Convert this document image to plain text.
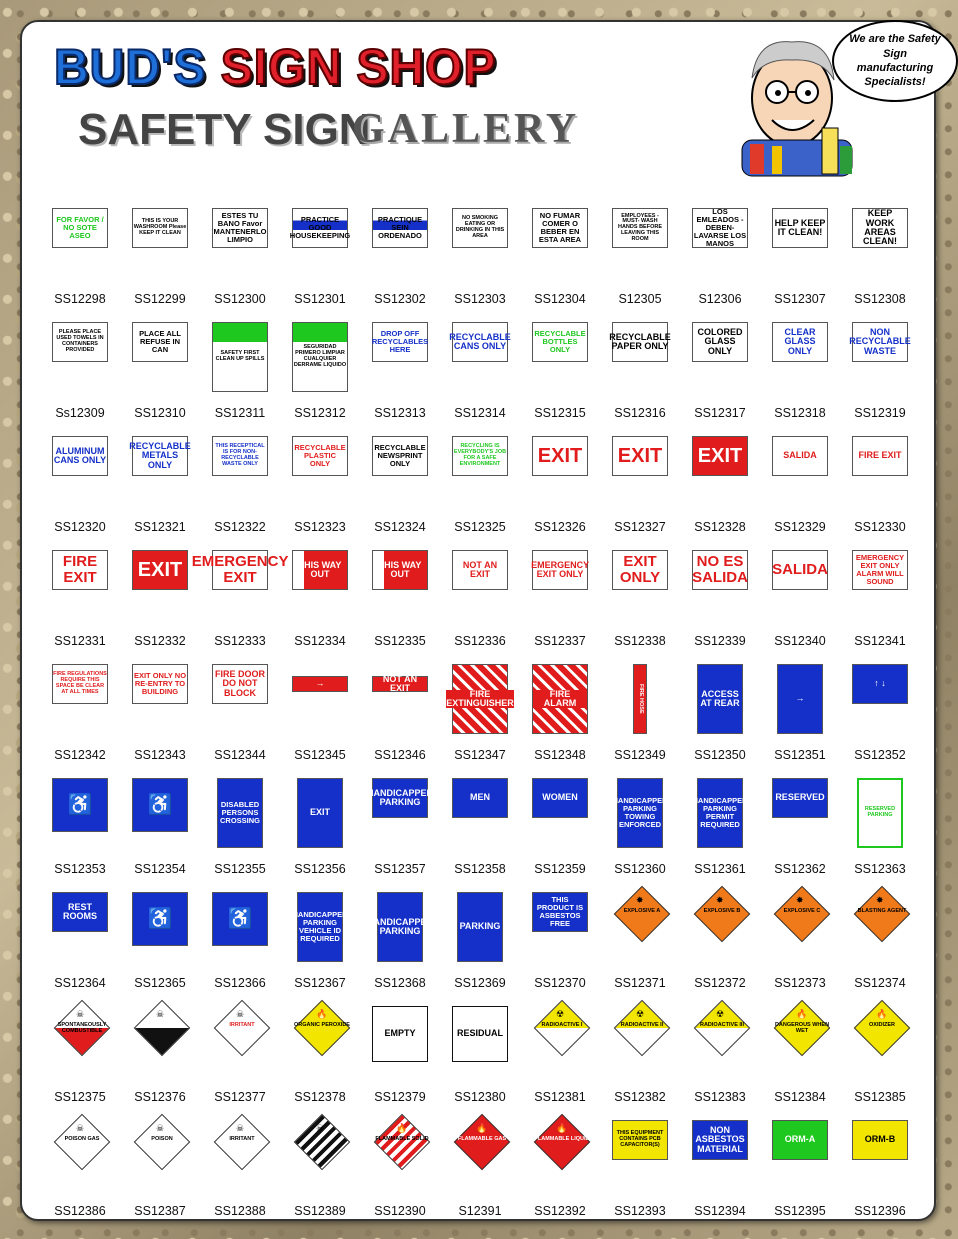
BUD'S SIGN SHOP
SAFETY SIGN
GALLERY
We are the Safety Sign manufacturing Specialists!
FOR FAVOR / NO SOTE ASEO
SS12298
THIS IS YOUR WASHROOM Please KEEP IT CLEAN
SS12299
ESTES TU BANO Favor MANTENERLO LIMPIO
SS12300
PRACTICE GOOD HOUSEKEEPING
SS12301
PRACTIQUE SEIN ORDENADO
SS12302
NO SMOKING EATING OR DRINKING IN THIS AREA
SS12303
NO FUMAR COMER O BEBER EN ESTA AREA
SS12304
EMPLOYEES -MUST- WASH HANDS BEFORE LEAVING THIS ROOM
S12305
LOS EMLEADOS -DEBEN- LAVARSE LOS MANOS
S12306
HELP KEEP IT CLEAN!
SS12307
KEEP WORK AREAS CLEAN!
SS12308
PLEASE PLACE USED TOWELS IN CONTAINERS PROVIDED
Ss12309
PLACE ALL REFUSE IN CAN
SS12310
SAFETY FIRST CLEAN UP SPILLS
SS12311
SEGURIDAD PRIMERO LIMPIAR CUALQUIER DERRAME LIQUIDO
SS12312
DROP OFF RECYCLABLES HERE
SS12313
RECYCLABLE CANS ONLY
SS12314
RECYCLABLE BOTTLES ONLY
SS12315
RECYCLABLE PAPER ONLY
SS12316
COLORED GLASS ONLY
SS12317
CLEAR GLASS ONLY
SS12318
NON RECYCLABLE WASTE
SS12319
ALUMINUM CANS ONLY
SS12320
RECYCLABLE METALS ONLY
SS12321
THIS RECEPTICAL IS FOR NON-RECYCLABLE WASTE ONLY
SS12322
RECYCLABLE PLASTIC ONLY
SS12323
RECYCLABLE NEWSPRINT ONLY
SS12324
RECYCLING IS EVERYBODY'S JOB FOR A SAFE ENVIRONMENT
SS12325
EXIT
SS12326
EXIT
SS12327
EXIT
SS12328
SALIDA
SS12329
FIRE EXIT
SS12330
FIRE EXIT
SS12331
EXIT
SS12332
EMERGENCY EXIT
SS12333
THIS WAY OUT
SS12334
THIS WAY OUT
SS12335
NOT AN EXIT
SS12336
EMERGENCY EXIT ONLY
SS12337
EXIT ONLY
SS12338
NO ES SALIDA
SS12339
SALIDA
SS12340
EMERGENCY EXIT ONLY ALARM WILL SOUND
SS12341
FIRE REGULATIONS REQUIRE THIS SPACE BE CLEAR AT ALL TIMES
SS12342
EXIT ONLY NO RE-ENTRY TO BUILDING
SS12343
FIRE DOOR DO NOT BLOCK
SS12344
→
SS12345
NOT AN EXIT
SS12346
FIRE EXTINGUISHER
SS12347
FIRE ALARM
SS12348
FIRE HOSE
SS12349
ACCESS AT REAR
SS12350
→
SS12351
↑ ↓
SS12352
♿
SS12353
♿
SS12354
DISABLED PERSONS CROSSING
SS12355
EXIT
SS12356
HANDICAPPED PARKING
SS12357
MEN
SS12358
WOMEN
SS12359
HANDICAPPED PARKING TOWING ENFORCED
SS12360
HANDICAPPED PARKING PERMIT REQUIRED
SS12361
RESERVED
SS12362
RESERVED PARKING
SS12363
REST ROOMS
SS12364
♿
SS12365
♿
SS12366
HANDICAPPED PARKING VEHICLE ID REQUIRED
SS12367
HANDICAPPED PARKING
SS12368
PARKING
SS12369
THIS PRODUCT IS ASBESTOS FREE
SS12370
✸
EXPLOSIVE A
SS12371
✸
EXPLOSIVE B
SS12372
✸
EXPLOSIVE C
SS12373
✸
BLASTING AGENT
SS12374
☠
SPONTANEOUSLY COMBUSTIBLE
SS12375
☠
CORROSIVE
SS12376
☠
IRRITANT
SS12377
🔥
ORGANIC PEROXIDE
SS12378
EMPTY
SS12379
RESIDUAL
SS12380
☢
RADIOACTIVE I
SS12381
☢
RADIOACTIVE II
SS12382
☢
RADIOACTIVE III
SS12383
🔥
DANGEROUS WHEN WET
SS12384
🔥
OXIDIZER
SS12385
☠
POISON GAS
SS12386
☠
POISON
SS12387
☠
IRRITANT
SS12388
☠
SS12389
🔥
FLAMMABLE SOLID
SS12390
🔥
FLAMMABLE GAS
S12391
🔥
FLAMMABLE LIQUID
SS12392
THIS EQUIPMENT CONTAINS PCB CAPACITOR(S)
SS12393
NON ASBESTOS MATERIAL
SS12394
ORM-A
SS12395
ORM-B
SS12396
